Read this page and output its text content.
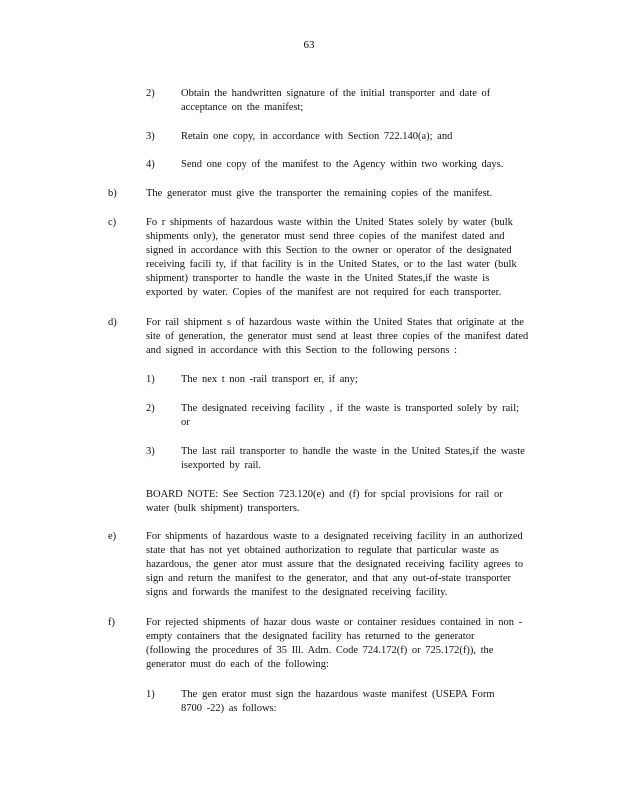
63
2)	Obtain the handwritten signature of the initial transporter and date of
acceptance on the manifest;
3)	Retain one copy, in accordance with Section 722.140(a); and
4)	Send one copy of the manifest to the Agency within two working days.
b)	The generator must give the transporter the remaining copies of the manifest.
c)	Fo r shipments of hazardous waste within the United States solely by water (bulk
shipments only), the generator must send three copies of the manifest dated and
signed in accordance with this Section to the owner or operator of the designated
receiving facili ty, if that facility is in the United States, or to the last water (bulk
shipment) transporter to handle the waste in the United States,if the waste is
exported by water. Copies of the manifest are not required for each transporter.
d)	For rail shipment s of hazardous waste within the United States that originate at the
site of generation, the generator must send at least three copies of the manifest dated
and signed in accordance with this Section to the following persons :
1)	The nex t non -rail transport er, if any;
2)	The designated receiving facility , if the waste is transported solely by rail;
or
3)	The last rail transporter to handle the waste in the United States,if the waste
isexported by rail.
BOARD NOTE: See Section 723.120(e) and (f) for spcial provisions for rail or
water (bulk shipment) transporters.
e)	For shipments of hazardous waste to a designated receiving facility in an authorized
state that has not yet obtained authorization to regulate that particular waste as
hazardous, the gener ator must assure that the designated receiving facility agrees to
sign and return the manifest to the generator, and that any out-of-state transporter
signs and forwards the manifest to the designated receiving facility.
f)	For rejected shipments of hazar dous waste or container residues contained in non -
empty containers that the designated facility has returned to the generator
(following the procedures of 35 Ill. Adm. Code 724.172(f) or 725.172(f)), the
generator must do each of the following:
1)	The gen erator must sign the hazardous waste manifest (USEPA Form
8700 -22) as follows:
